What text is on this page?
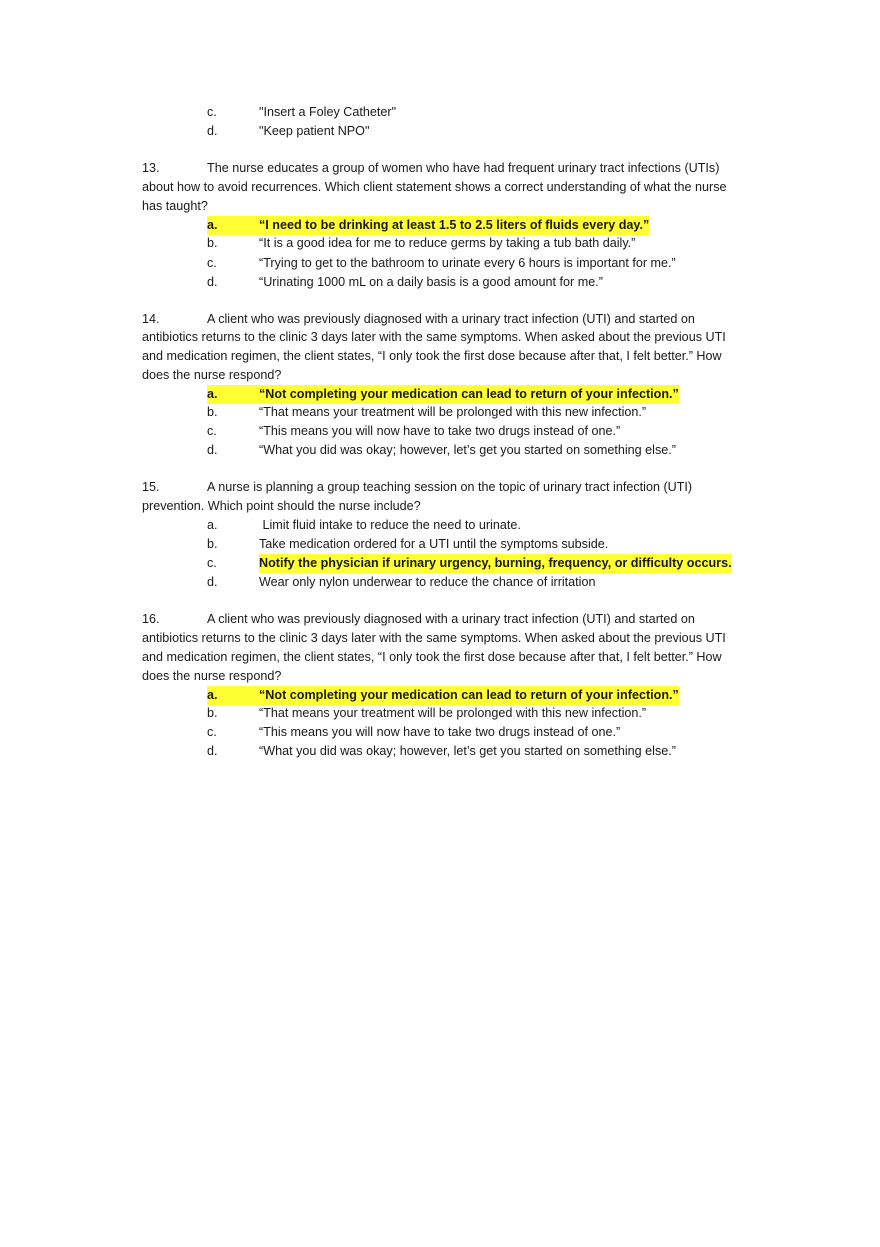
c.	"Insert a Foley Catheter"
d.	"Keep patient NPO"
13.	The nurse educates a group of women who have had frequent urinary tract infections (UTIs)
about how to avoid recurrences. Which client statement shows a correct understanding of what the nurse
has taught?
a.	“I need to be drinking at least 1.5 to 2.5 liters of fluids every day.”
b.	“It is a good idea for me to reduce germs by taking a tub bath daily.”
c.	“Trying to get to the bathroom to urinate every 6 hours is important for me.”
d.	“Urinating 1000 mL on a daily basis is a good amount for me.”
14.	A client who was previously diagnosed with a urinary tract infection (UTI) and started on
antibiotics returns to the clinic 3 days later with the same symptoms. When asked about the previous UTI
and medication regimen, the client states, “I only took the first dose because after that, I felt better.” How
does the nurse respond?
a.	“Not completing your medication can lead to return of your infection.”
b.	“That means your treatment will be prolonged with this new infection.”
c.	“This means you will now have to take two drugs instead of one.”
d.	“What you did was okay; however, let’s get you started on something else.”
15.	A nurse is planning a group teaching session on the topic of urinary tract infection (UTI)
prevention. Which point should the nurse include?
a.	Limit fluid intake to reduce the need to urinate.
b.	Take medication ordered for a UTI until the symptoms subside.
c.	Notify the physician if urinary urgency, burning, frequency, or difficulty occurs.
d.	Wear only nylon underwear to reduce the chance of irritation
16.	A client who was previously diagnosed with a urinary tract infection (UTI) and started on
antibiotics returns to the clinic 3 days later with the same symptoms. When asked about the previous UTI
and medication regimen, the client states, “I only took the first dose because after that, I felt better.” How
does the nurse respond?
a.	“Not completing your medication can lead to return of your infection.”
b.	“That means your treatment will be prolonged with this new infection.”
c.	“This means you will now have to take two drugs instead of one.”
d.	“What you did was okay; however, let’s get you started on something else.”
